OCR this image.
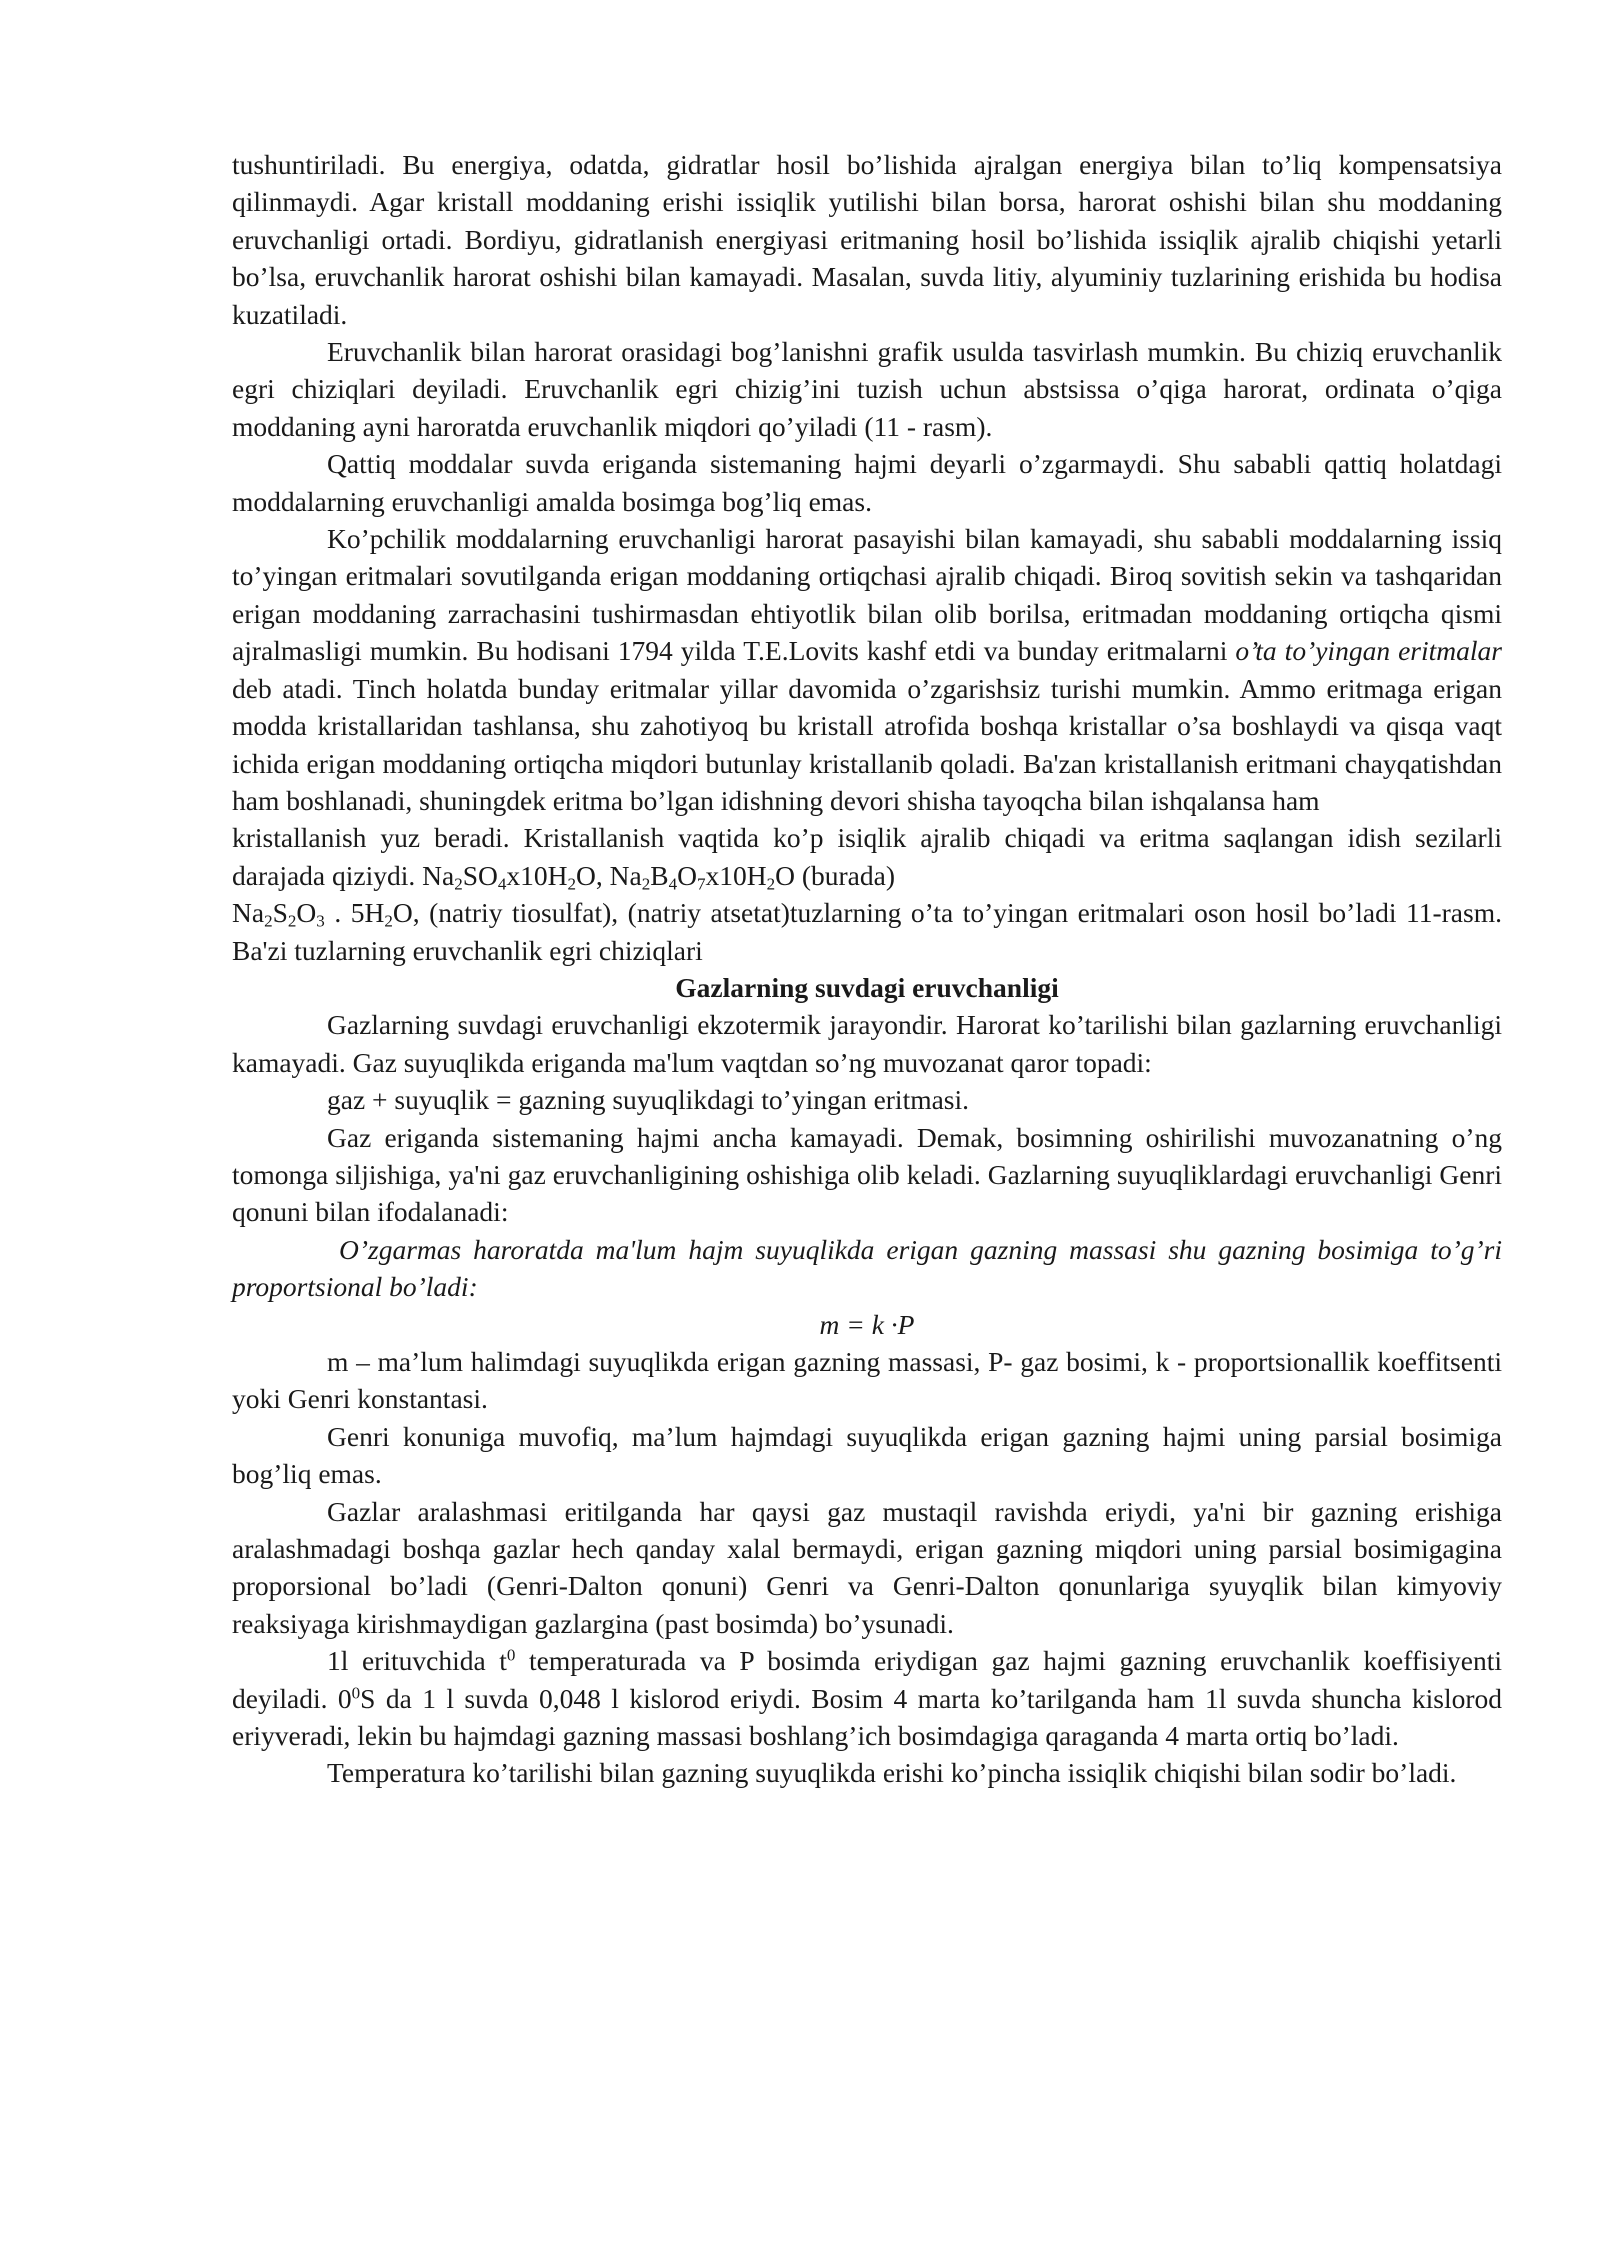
tushuntiriladi. Bu energiya, odatda, gidratlar hosil bo’lishida ajralgan energiya bilan to’liq kompensatsiya qilinmaydi. Agar kristall moddaning erishi issiqlik yutilishi bilan borsa, harorat oshishi bilan shu moddaning eruvchanligi ortadi. Bordiyu, gidratlanish energiyasi eritmaning hosil bo’lishida issiqlik ajralib chiqishi yetarli bo’lsa, eruvchanlik harorat oshishi bilan kamayadi. Masalan, suvda litiy, alyuminiy tuzlarining erishida bu hodisa kuzatiladi.

Eruvchanlik bilan harorat orasidagi bog’lanishni grafik usulda tasvirlash mumkin. Bu chiziq eruvchanlik egri chiziqlari deyiladi. Eruvchanlik egri chizig’ini tuzish uchun abstsissa o’qiga harorat, ordinata o’qiga moddaning ayni haroratda eruvchanlik miqdori qo’yiladi (11 - rasm).

Qattiq moddalar suvda eriganda sistemaning hajmi deyarli o’zgarmaydi. Shu sababli qattiq holatdagi moddalarning eruvchanligi amalda bosimga bog’liq emas.

Ko’pchilik moddalarning eruvchanligi harorat pasayishi bilan kamayadi, shu sababli moddalarning issiq to’yingan eritmalari sovutilganda erigan moddaning ortiqchasi ajralib chiqadi. Biroq sovitish sekin va tashqaridan erigan moddaning zarrachasini tushirmasdan ehtiyotlik bilan olib borilsa, eritmadan moddaning ortiqcha qismi ajralmasligi mumkin. Bu hodisani 1794 yilda T.E.Lovits kashf etdi va bunday eritmalarni o’ta to’yingan eritmalar deb atadi. Tinch holatda bunday eritmalar yillar davomida o’zgarishsiz turishi mumkin. Ammo eritmaga erigan modda kristallaridan tashlansa, shu zahotiyoq bu kristall atrofida boshqa kristallar o’sa boshlaydi va qisqa vaqt ichida erigan moddaning ortiqcha miqdori butunlay kristallanib qoladi. Ba'zan kristallanish eritmani chayqatishdan ham boshlanadi, shuningdek eritma bo’lgan idishning devori shisha tayoqcha bilan ishqalansa ham

kristallanish yuz beradi. Kristallanish vaqtida ko’p isiqlik ajralib chiqadi va eritma saqlangan idish sezilarli darajada qiziydi. $Na_2SO_4x10H_2O$, $Na_2B_4O_7x10H_2O$ (burada)

$Na_2S_2O_3$ . $5H_2O$, (natriy tiosulfat), (natriy atsetat)tuzlarning o’ta to’yingan eritmalari oson hosil bo’ladi 11-rasm. Ba'zi tuzlarning eruvchanlik egri chiziqlari

Gazlarning suvdagi eruvchanligi

Gazlarning suvdagi eruvchanligi ekzotermik jarayondir. Harorat ko’tarilishi bilan gazlarning eruvchanligi kamayadi. Gaz suyuqlikda eriganda ma'lum vaqtdan so’ng muvozanat qaror topadi:

gaz + suyuqlik = gazning suyuqlikdagi to’yingan eritmasi.

Gaz eriganda sistemaning hajmi ancha kamayadi. Demak, bosimning oshirilishi muvozanatning o’ng tomonga siljishiga, ya'ni gaz eruvchanligining oshishiga olib keladi. Gazlarning suyuqliklardagi eruvchanligi Genri qonuni bilan ifodalanadi:

O’zgarmas haroratda ma'lum hajm suyuqlikda erigan gazning massasi shu gazning bosimiga to’g’ri proportsional bo’ladi:

m = k ·P

m – ma’lum halimdagi suyuqlikda erigan gazning massasi, P- gaz bosimi, k - proportsionallik koeffitsenti yoki Genri konstantasi.

Genri konuniga muvofiq, ma’lum hajmdagi suyuqlikda erigan gazning hajmi uning parsial bosimiga bog’liq emas.

Gazlar aralashmasi eritilganda har qaysi gaz mustaqil ravishda eriydi, ya'ni bir gazning erishiga aralashmadagi boshqa gazlar hech qanday xalal bermaydi, erigan gazning miqdori uning parsial bosimigagina proporsional bo’ladi (Genri-Dalton qonuni) Genri va Genri-Dalton qonunlariga syuyqlik bilan kimyoviy reaksiyaga kirishmaydigan gazlargina (past bosimda) bo’ysunadi.

1l erituvchida $t^0$ temperaturada va P bosimda eriydigan gaz hajmi gazning eruvchanlik koeffisiyenti deyiladi. $0^0S$ da 1 l suvda 0,048 l kislorod eriydi. Bosim 4 marta ko’tarilganda ham 1l suvda shuncha kislorod eriyveradi, lekin bu hajmdagi gazning massasi boshlang’ich bosimdagiga qaraganda 4 marta ortiq bo’ladi.

Temperatura ko’tarilishi bilan gazning suyuqlikda erishi ko’pincha issiqlik chiqishi bilan sodir bo’ladi.
